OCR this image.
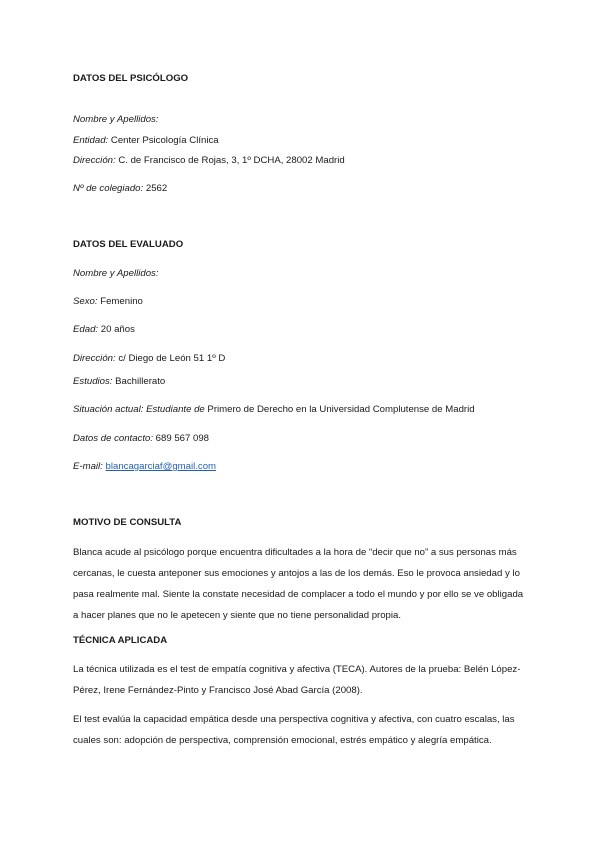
DATOS DEL PSICÓLOGO
Nombre y Apellidos:
Entidad: Center Psicología Clínica
Dirección: C. de Francisco de Rojas, 3, 1º DCHA, 28002 Madrid
Nº de colegiado: 2562
DATOS DEL EVALUADO
Nombre y Apellidos:
Sexo: Femenino
Edad: 20 años
Dirección: c/ Diego de León 51 1º D
Estudios: Bachillerato
Situación actual: Estudiante de Primero de Derecho en la Universidad Complutense de Madrid
Datos de contacto: 689 567 098
E-mail: blancagarciaf@gmail.com
MOTIVO DE CONSULTA
Blanca acude al psicólogo porque encuentra dificultades a la hora de “decir que no” a sus personas más cercanas, le cuesta anteponer sus emociones y antojos a las de los demás. Eso le provoca ansiedad y lo pasa realmente mal. Siente la constate necesidad de complacer a todo el mundo y por ello se ve obligada a hacer planes que no le apetecen y siente que no tiene personalidad propia.
TÉCNICA APLICADA
La técnica utilizada es el test de empatía cognitiva y afectiva (TECA). Autores de la prueba: Belén López-Pérez, Irene Fernández-Pinto y Francisco José Abad García (2008).
El test evalúa la capacidad empática desde una perspectiva cognitiva y afectiva, con cuatro escalas, las cuales son: adopción de perspectiva, comprensión emocional, estrés empático y alegría empática.
